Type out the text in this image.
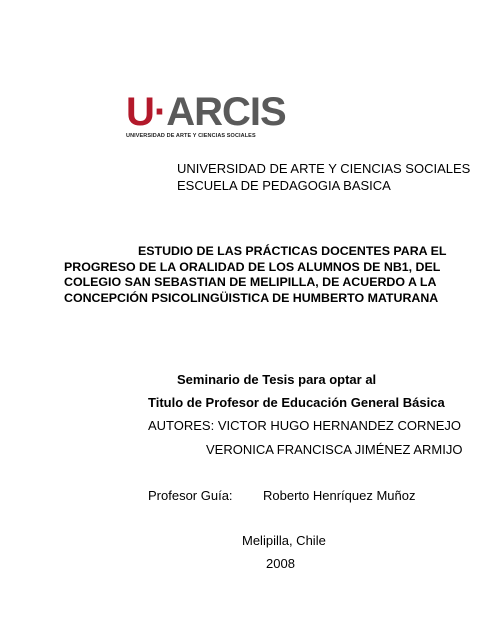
U·ARCIS
UNIVERSIDAD DE ARTE Y CIENCIAS SOCIALES
UNIVERSIDAD DE ARTE Y CIENCIAS SOCIALES
ESCUELA DE PEDAGOGIA BASICA
ESTUDIO DE LAS PRÁCTICAS DOCENTES PARA EL
PROGRESO DE LA ORALIDAD DE LOS ALUMNOS DE NB1, DEL
COLEGIO SAN SEBASTIAN DE MELIPILLA, DE ACUERDO A LA
CONCEPCIÓN PSICOLINGÜISTICA DE HUMBERTO MATURANA
Seminario de Tesis para optar al
Titulo de Profesor de Educación General Básica
AUTORES: VICTOR HUGO HERNANDEZ CORNEJO
VERONICA FRANCISCA JIMÉNEZ ARMIJO
Profesor Guía: Roberto Henríquez Muñoz
Melipilla, Chile
2008
